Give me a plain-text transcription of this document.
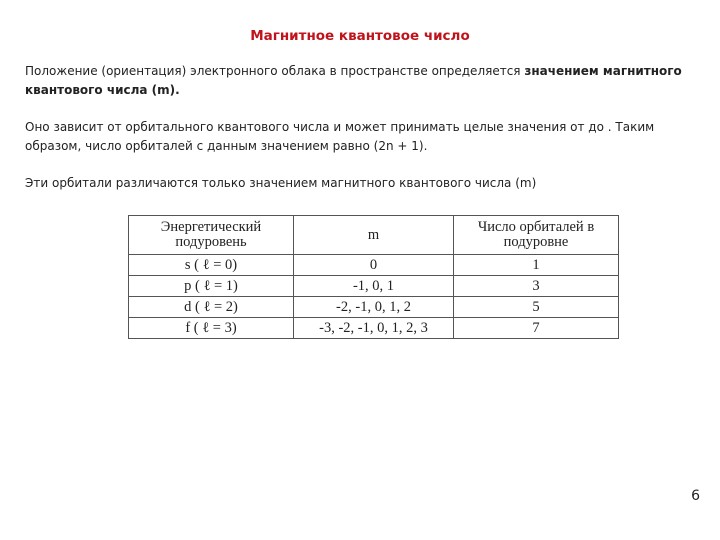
Магнитное квантовое число
Положение (ориентация) электронного облака в пространстве определяется значением магнитного квантового числа (m).
Оно зависит от орбитального квантового числа и может принимать целые значения от до . Таким образом, число орбиталей с данным значением равно (2n + 1).
Эти орбитали различаются только значением магнитного квантового числа (m)
Энергетический подуровень	m	Число орбиталей в подуровне
s ( ℓ = 0)	0	1
p ( ℓ = 1)	-1, 0, 1	3
d ( ℓ = 2)	-2, -1, 0, 1, 2	5
f ( ℓ = 3)	-3, -2, -1, 0, 1, 2, 3	7
6
